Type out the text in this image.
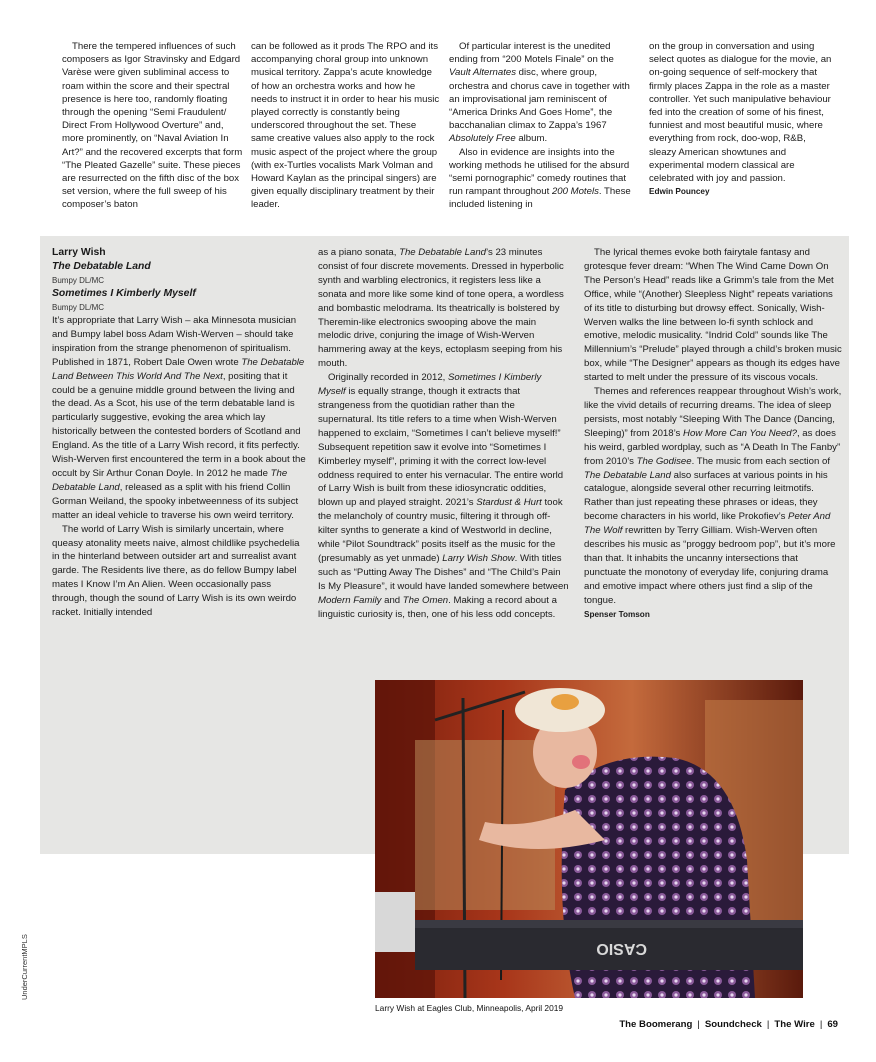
There the tempered influences of such composers as Igor Stravinsky and Edgard Varèse were given subliminal access to roam within the score and their spectral presence is here too, randomly floating through the opening “Semi Fraudulent/ Direct From Hollywood Overture” and, more prominently, on “Naval Aviation In Art?” and the recovered excerpts that form “The Pleated Gazelle” suite. These pieces are resurrected on the fifth disc of the box set version, where the full sweep of his composer’s baton

can be followed as it prods The RPO and its accompanying choral group into unknown musical territory. Zappa’s acute knowledge of how an orchestra works and how he needs to instruct it in order to hear his music played correctly is constantly being underscored throughout the set. These same creative values also apply to the rock music aspect of the project where the group (with ex-Turtles vocalists Mark Volman and Howard Kaylan as the principal singers) are given equally disciplinary treatment by their leader.

Of particular interest is the unedited ending from “200 Motels Finale” on the Vault Alternates disc, where group, orchestra and chorus cave in together with an improvisational jam reminiscent of “America Drinks And Goes Home”, the bacchanalian climax to Zappa’s 1967 Absolutely Free album.

Also in evidence are insights into the working methods he utilised for the absurd “semi pornographic” comedy routines that run rampant throughout 200 Motels. These included listening in

on the group in conversation and using select quotes as dialogue for the movie, an on-going sequence of self-mockery that firmly places Zappa in the role as a master controller. Yet such manipulative behaviour fed into the creation of some of his finest, funniest and most beautiful music, where everything from rock, doo-wop, R&B, sleazy American showtunes and experimental modern classical are celebrated with joy and passion.

Edwin Pouncey

Larry Wish
The Debatable Land
Bumpy DL/MC
Sometimes I Kimberly Myself
Bumpy DL/MC

It’s appropriate that Larry Wish – aka Minnesota musician and Bumpy label boss Adam Wish-Werven – should take inspiration from the strange phenomenon of spiritualism. Published in 1871, Robert Dale Owen wrote The Debatable Land Between This World And The Next, positing that it could be a genuine middle ground between the living and the dead. As a Scot, his use of the term debatable land is particularly suggestive, evoking the area which lay historically between the contested borders of Scotland and England. As the title of a Larry Wish record, it fits perfectly. Wish-Werven first encountered the term in a book about the occult by Sir Arthur Conan Doyle. In 2012 he made The Debatable Land, released as a split with his friend Collin Gorman Weiland, the spooky inbetweenness of its subject matter an ideal vehicle to traverse his own weird territory.

The world of Larry Wish is similarly uncertain, where queasy atonality meets naive, almost childlike psychedelia in the hinterland between outsider art and surrealist avant garde. The Residents live there, as do fellow Bumpy label mates I Know I’m An Alien. Ween occasionally pass through, though the sound of Larry Wish is its own weirdo racket. Initially intended

as a piano sonata, The Debatable Land’s 23 minutes consist of four discrete movements. Dressed in hyperbolic synth and warbling electronics, it registers less like a sonata and more like some kind of tone opera, a wordless and bombastic melodrama. Its theatrically is bolstered by Theremin-like electronics swooping above the main melodic drive, conjuring the image of Wish-Werven hammering away at the keys, ectoplasm seeping from his mouth.

Originally recorded in 2012, Sometimes I Kimberly Myself is equally strange, though it extracts that strangeness from the quotidian rather than the supernatural. Its title refers to a time when Wish-Werven happened to exclaim, “Sometimes I can’t believe myself!” Subsequent repetition saw it evolve into “Sometimes I Kimberley myself”, priming it with the correct low-level oddness required to enter his vernacular. The entire world of Larry Wish is built from these idiosyncratic oddities, blown up and played straight. 2021’s Stardust & Hurt took the melancholy of country music, filtering it through off-kilter synths to generate a kind of Westworld in decline, while “Pilot Soundtrack” posits itself as the music for the (presumably as yet unmade) Larry Wish Show. With titles such as “Putting Away The Dishes” and “The Child’s Pain Is My Pleasure”, it would have landed somewhere between Modern Family and The Omen. Making a record about a linguistic curiosity is, then, one of his less odd concepts.

The lyrical themes evoke both fairytale fantasy and grotesque fever dream: “When The Wind Came Down On The Person’s Head” reads like a Grimm’s tale from the Met Office, while “(Another) Sleepless Night” repeats variations of its title to disturbing but drowsy effect. Sonically, Wish-Werven walks the line between lo-fi synth schlock and emotive, melodic musicality. “Indrid Cold” sounds like The Millennium’s “Prelude” played through a child’s broken music box, while “The Designer” appears as though its edges have started to melt under the pressure of its viscous vocals.

Themes and references reappear throughout Wish’s work, like the vivid details of recurring dreams. The idea of sleep persists, most notably “Sleeping With The Dance (Dancing, Sleeping)” from 2018’s How More Can You Need?, as does his weird, garbled wordplay, such as “A Death In The Fanby” from 2010’s The Godisee. The music from each section of The Debatable Land also surfaces at various points in his catalogue, alongside several other recurring leitmotifs. Rather than just repeating these phrases or ideas, they become characters in his world, like Prokofiev’s Peter And The Wolf rewritten by Terry Gilliam. Wish-Werven often describes his music as “proggy bedroom pop”, but it’s more than that. It inhabits the uncanny intersections that punctuate the monotony of everyday life, conjuring drama and emotive impact where others just find a slip of the tongue.

Spenser Tomson

CASIO
Larry Wish at Eagles Club, Minneapolis, April 2019
UnderCurrentMPLS
The Boomerang | Soundcheck | The Wire | 69
